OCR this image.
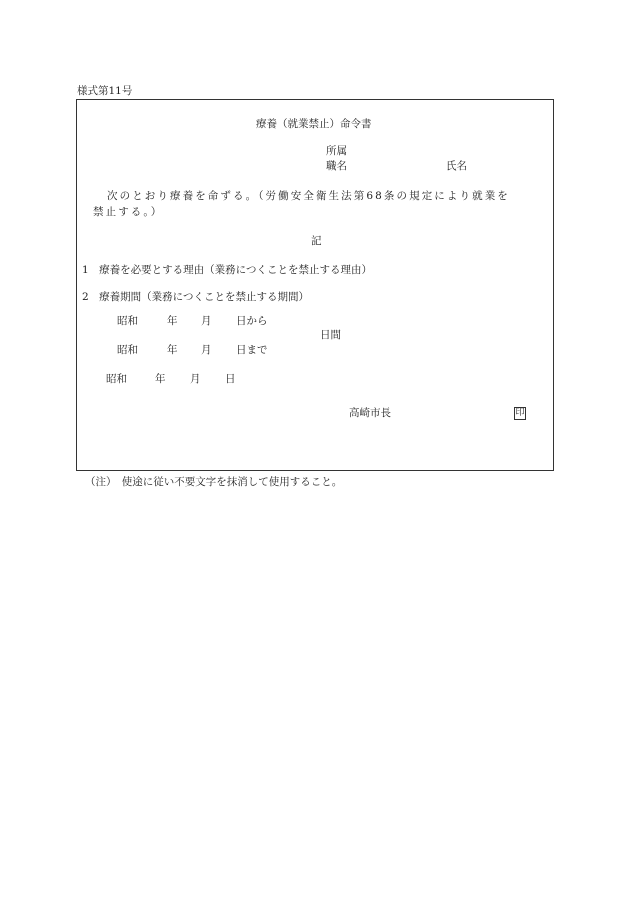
様式第11号
療養（就業禁止）命令書
所属
職名	氏名
次のとおり療養を命ずる。（労働安全衛生法第68条の規定により就業を
禁止する。）
記
1　療養を必要とする理由（業務につくことを禁止する理由）
2　療養期間（業務につくことを禁止する期間）
昭和	年 月 日から
日間
昭和	年 月 日まで
昭和	年 月 日
高崎市長	印
（注）　使途に従い不要文字を抹消して使用すること。
